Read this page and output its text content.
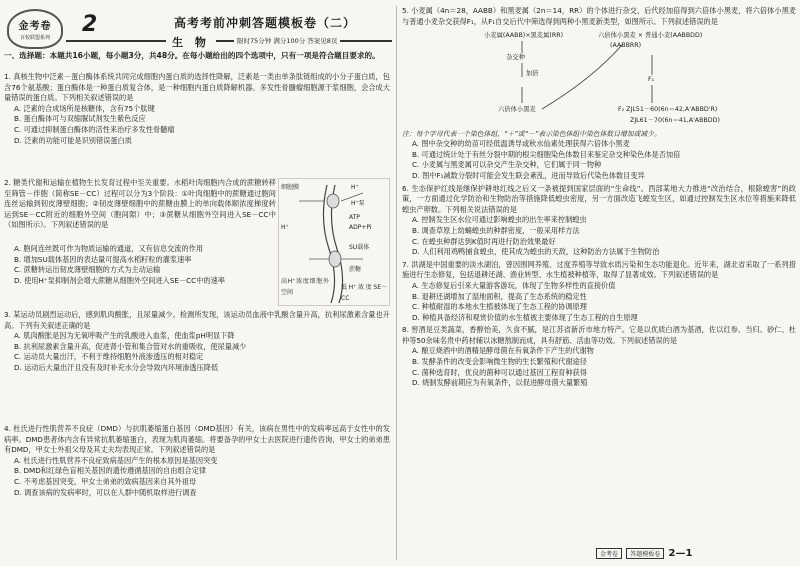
金考卷
百校联盟系列
2	高考考前冲刺答题模板卷（二）
生 物	限时75分钟 满分100分 答案见8页
一、选择题：本题共16小题，每小题3分，共48分。在每小题给出的四个选项中，只有一项是符合题目要求的。

1. 真核生物中泛素－蛋白酶体系统共同完成细胞内蛋白质的选择性降解，泛素是一类由单条肽链组成的小分子蛋白质，包含76个氨基酸；蛋白酶体是一种蛋白质复合体，是一种细胞内蛋白质降解机器。多发性骨髓瘤细胞源于浆细胞，会合成大量错误的蛋白质。下列相关叙述错误的是

A. 泛素的合成场所是核糖体，含有75个肽键

B. 蛋白酶体可与双缩脲试剂发生紫色反应

C. 可通过抑制蛋白酶体的活性来治疗多发性骨髓瘤

D. 泛素的功能可能是识别错误蛋白质

2. 糖类代谢和运输在植物生长发育过程中至关重要。水稻叶肉细胞内合成的蔗糖转移至筛管－伴胞（简称SE－CC）过程可以分为3个阶段：①叶肉细胞中的蔗糖通过胞间连丝运输到韧皮薄壁细胞；②韧皮薄壁细胞中的蔗糖由膜上的单向载体顺浓度梯度转运到SE－CC附近的细胞外空间（胞间隙）中；③蔗糖从细胞外空间进入SE－CC中（如图所示）。下列叙述错误的是

细胞膜	H⁺
H⁺泵
ATP
ADP+Pi
H⁺
SU载体
蔗糖
高H⁺浓度细胞外空间
低H⁺浓度SE－CC

A. 胞间连丝既可作为物质运输的通道，又有信息交流的作用

B. 增加SU载体基因的表达量可提高水稻籽粒的灌浆速率

C. 蔗糖转运出韧皮薄壁细胞的方式为主动运输

D. 使用H⁺泵抑制剂会增大蔗糖从细胞外空间进入SE－CC中的速率

3. 某运动员剧烈运动后，感到肌肉酸胀，且尿量减少。检测所发现，该运动员血液中乳酸含量升高，抗利尿激素含量也升高。下列有关叙述正确的是

A. 肌肉酸胀是因为无氧呼吸产生的乳酸进入血浆，使血浆pH明显下降

B. 抗利尿激素含量升高，促进肾小管和集合管对水的重吸收，使尿量减少

C. 运动员大量出汗，不利于维持细胞外液渗透压的相对稳定

D. 运动后大量出汗且没有及时补充水分会导致内环境渗透压降低

4. 杜氏进行性肌营养不良症（DMD）与抗肌萎缩蛋白基因（DMD基因）有关，该病在男性中的发病率远高于女性中的发病率。DMD患者体内含有异常抗肌萎缩蛋白，表现为肌肉萎缩。将要备孕的甲女士去医院进行遗传咨询，甲女士的弟弟患有DMD，甲女士外祖父母及其丈夫均表现正常。下列叙述错误的是

A. 杜氏进行性肌营养不良症致病基因产生的根本原因是基因突变

B. DMD和红绿色盲相关基因的遗传遵循基因的自由组合定律

C. 不考虑基因突变，甲女士弟弟的致病基因来自其外祖母

D. 调查该病的发病率时，可以在人群中随机取样进行调查

5. 小麦属（4n＝28，AABB）和黑麦属（2n＝14，RR）的个体进行杂交，后代经加倍得到六倍体小黑麦，将六倍体小黑麦与普通小麦杂交获得F₁，从F₁自交后代中筛选得到两种小黑麦新类型，如图所示。下列叙述错误的是

小麦属(AABB)×黑麦属(RR)
杂交种
加倍
六倍体小黑麦
六倍体小黑麦 × 普通小麦(AABBDD)
(AABBRR)
F₁
F₂ ZJL51－60(6n＝42,A'ABBD'R)
ZJL61－70(6n＝41,A'ABBDD)

注：每个字母代表一个染色体组，“＋”或“－”表示染色体组中染色体数目增加或减少。

A. 图中杂交种的幼苗可经低温诱导或秋水仙素处理获得六倍体小黑麦

B. 可通过统计处于有丝分裂中期的根尖细胞染色体数目来鉴定杂交种染色体是否加倍

C. 小麦属与黑麦属可以杂交产生杂交种，它们属于同一物种

D. 图中F₁减数分裂时可能会发生联会紊乱，进而导致后代染色体数目变异

6. 生态保护红线是继保护耕地红线之后又一条被提到国家层面的“生命线”。西部某地大力推进“改治结合，根除蝗害”的政策，一方面通过化学防治和生物防治等措施降低蝗虫密度，另一方面改造飞蝗发生区，如通过控制发生区水位等措施来降低蝗虫产卵数。下列相关说法错误的是

A. 控制发生区水位可通过影响蝗虫的出生率来控制蝗虫

B. 调查草原上幼蝻蝗虫的种群密度，一般采用样方法

C. 在蝗虫种群达到K值时再进行防治效果最好

D. 人们利用鸡鸭捕食蝗虫，使其成为蝗虫的天敌，这种防治方法属于生物防治

7. 洪湖是中国重要的淡水湖泊，曾因围网养殖、过度养殖等导致水质污染和生态功能退化。近年来，湖北省采取了一系列措施进行生态修复，包括退耕还湖、渔业转型、水生植被种植等，取得了显著成效。下列叙述错误的是

A. 生态修复后引来大量游客游玩，体现了生物多样性的直接价值

B. 退耕还湖增加了湿地面积，提高了生态系统的稳定性

C. 种植耐湿的本地水生植被体现了生态工程的协调原理

D. 种植具备经济和观赏价值的水生植被主要体现了生态工程的自生原理

8. 窖酒是豆类蔬菜，香醇怡美，久食不腻，是江苏省新沂市地方特产。它是以优质白酒为基酒，佐以红参、当归、砂仁、杜仲等50余味名贵中药材辅以冰糖熬制而成，具有舒筋、活血等功效。下列叙述错误的是

A. 酿豆烧酒中的酒精是酵母菌在有氧条件下产生的代谢物

B. 发酵条件的改变会影响微生物的生长繁殖和代谢途径

C. 菌种选育时，优良的菌种可以通过基因工程育种获得

D. 烧制发酵前期应为有氧条件，以促进酵母菌大量繁殖

金考卷 答题模板卷 2—1
